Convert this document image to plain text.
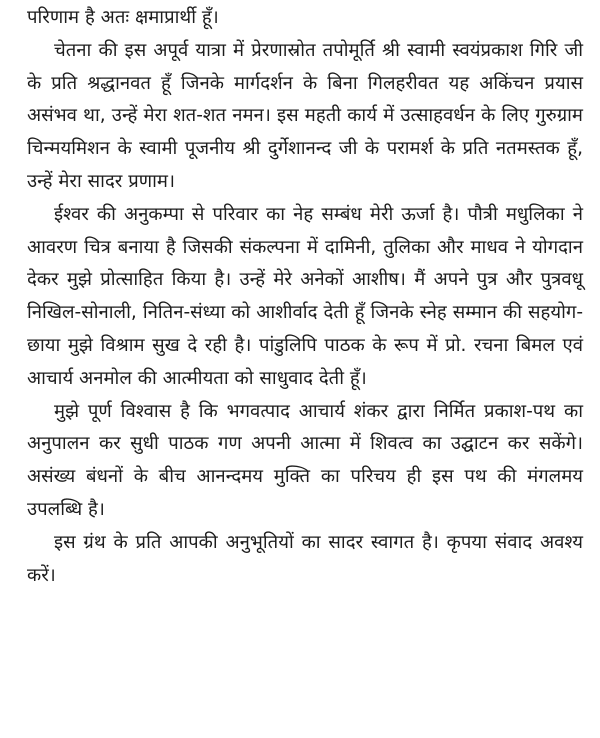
परिणाम है अतः क्षमाप्रार्थी हूँ।

चेतना की इस अपूर्व यात्रा में प्रेरणास्रोत तपोमूर्ति श्री स्वामी स्वयंप्रकाश गिरि जी के प्रति श्रद्धानवत हूँ जिनके मार्गदर्शन के बिना गिलहरीवत यह अकिंचन प्रयास असंभव था, उन्हें मेरा शत-शत नमन। इस महती कार्य में उत्साहवर्धन के लिए गुरुग्राम चिन्मयमिशन के स्वामी पूजनीय श्री दुर्गेशानन्द जी के परामर्श के प्रति नतमस्तक हूँ, उन्हें मेरा सादर प्रणाम।

ईश्वर की अनुकम्पा से परिवार का नेह सम्बंध मेरी ऊर्जा है। पौत्री मधुलिका ने आवरण चित्र बनाया है जिसकी संकल्पना में दामिनी, तुलिका और माधव ने योगदान देकर मुझे प्रोत्साहित किया है। उन्हें मेरे अनेकों आशीष। मैं अपने पुत्र और पुत्रवधू निखिल-सोनाली, नितिन-संध्या को आशीर्वाद देती हूँ जिनके स्नेह सम्मान की सहयोग-छाया मुझे विश्राम सुख दे रही है। पांडुलिपि पाठक के रूप में प्रो. रचना बिमल एवं आचार्य अनमोल की आत्मीयता को साधुवाद देती हूँ।

मुझे पूर्ण विश्वास है कि भगवत्पाद आचार्य शंकर द्वारा निर्मित प्रकाश-पथ का अनुपालन कर सुधी पाठक गण अपनी आत्मा में शिवत्व का उद्घाटन कर सकेंगे। असंख्य बंधनों के बीच आनन्दमय मुक्ति का परिचय ही इस पथ की मंगलमय उपलब्धि है।

इस ग्रंथ के प्रति आपकी अनुभूतियों का सादर स्वागत है। कृपया संवाद अवश्य करें।
